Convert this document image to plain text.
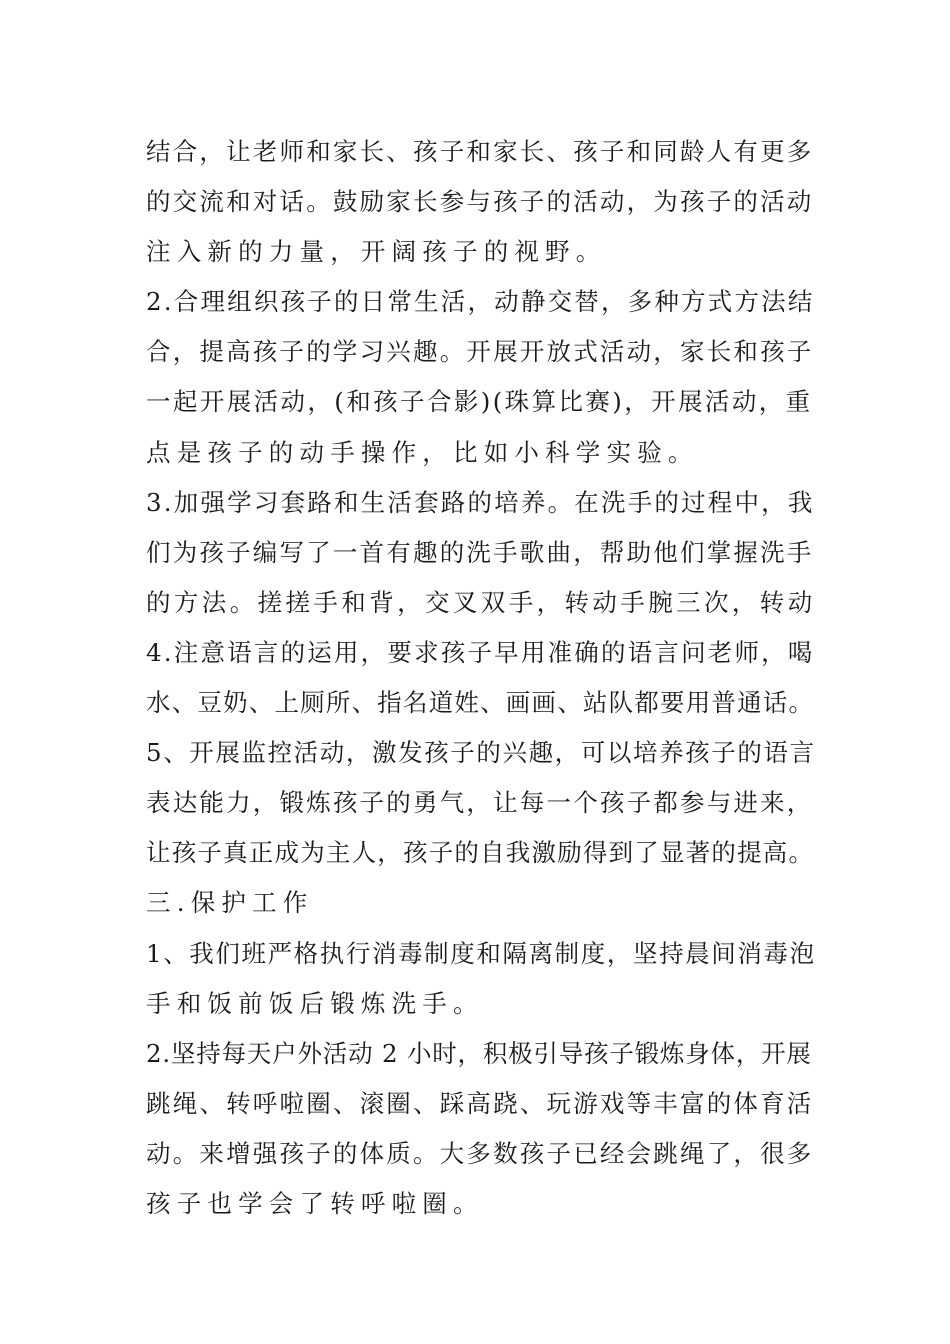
结合，让老师和家长、孩子和家长、孩子和同龄人有更多
的交流和对话。鼓励家长参与孩子的活动，为孩子的活动
注入新的力量，开阔孩子的视野。
2.合理组织孩子的日常生活，动静交替，多种方式方法结
合，提高孩子的学习兴趣。开展开放式活动，家长和孩子
一起开展活动，(和孩子合影)(珠算比赛)，开展活动，重
点是孩子的动手操作，比如小科学实验。
3.加强学习套路和生活套路的培养。在洗手的过程中，我
们为孩子编写了一首有趣的洗手歌曲，帮助他们掌握洗手
的方法。搓搓手和背，交叉双手，转动手腕三次，转动
4.注意语言的运用，要求孩子早用准确的语言问老师，喝
水、豆奶、上厕所、指名道姓、画画、站队都要用普通话。
5、开展监控活动，激发孩子的兴趣，可以培养孩子的语言
表达能力，锻炼孩子的勇气，让每一个孩子都参与进来，
让孩子真正成为主人，孩子的自我激励得到了显著的提高。
三.保护工作
1、我们班严格执行消毒制度和隔离制度，坚持晨间消毒泡
手和饭前饭后锻炼洗手。
2.坚持每天户外活动 2 小时，积极引导孩子锻炼身体，开展
跳绳、转呼啦圈、滚圈、踩高跷、玩游戏等丰富的体育活
动。来增强孩子的体质。大多数孩子已经会跳绳了，很多
孩子也学会了转呼啦圈。
